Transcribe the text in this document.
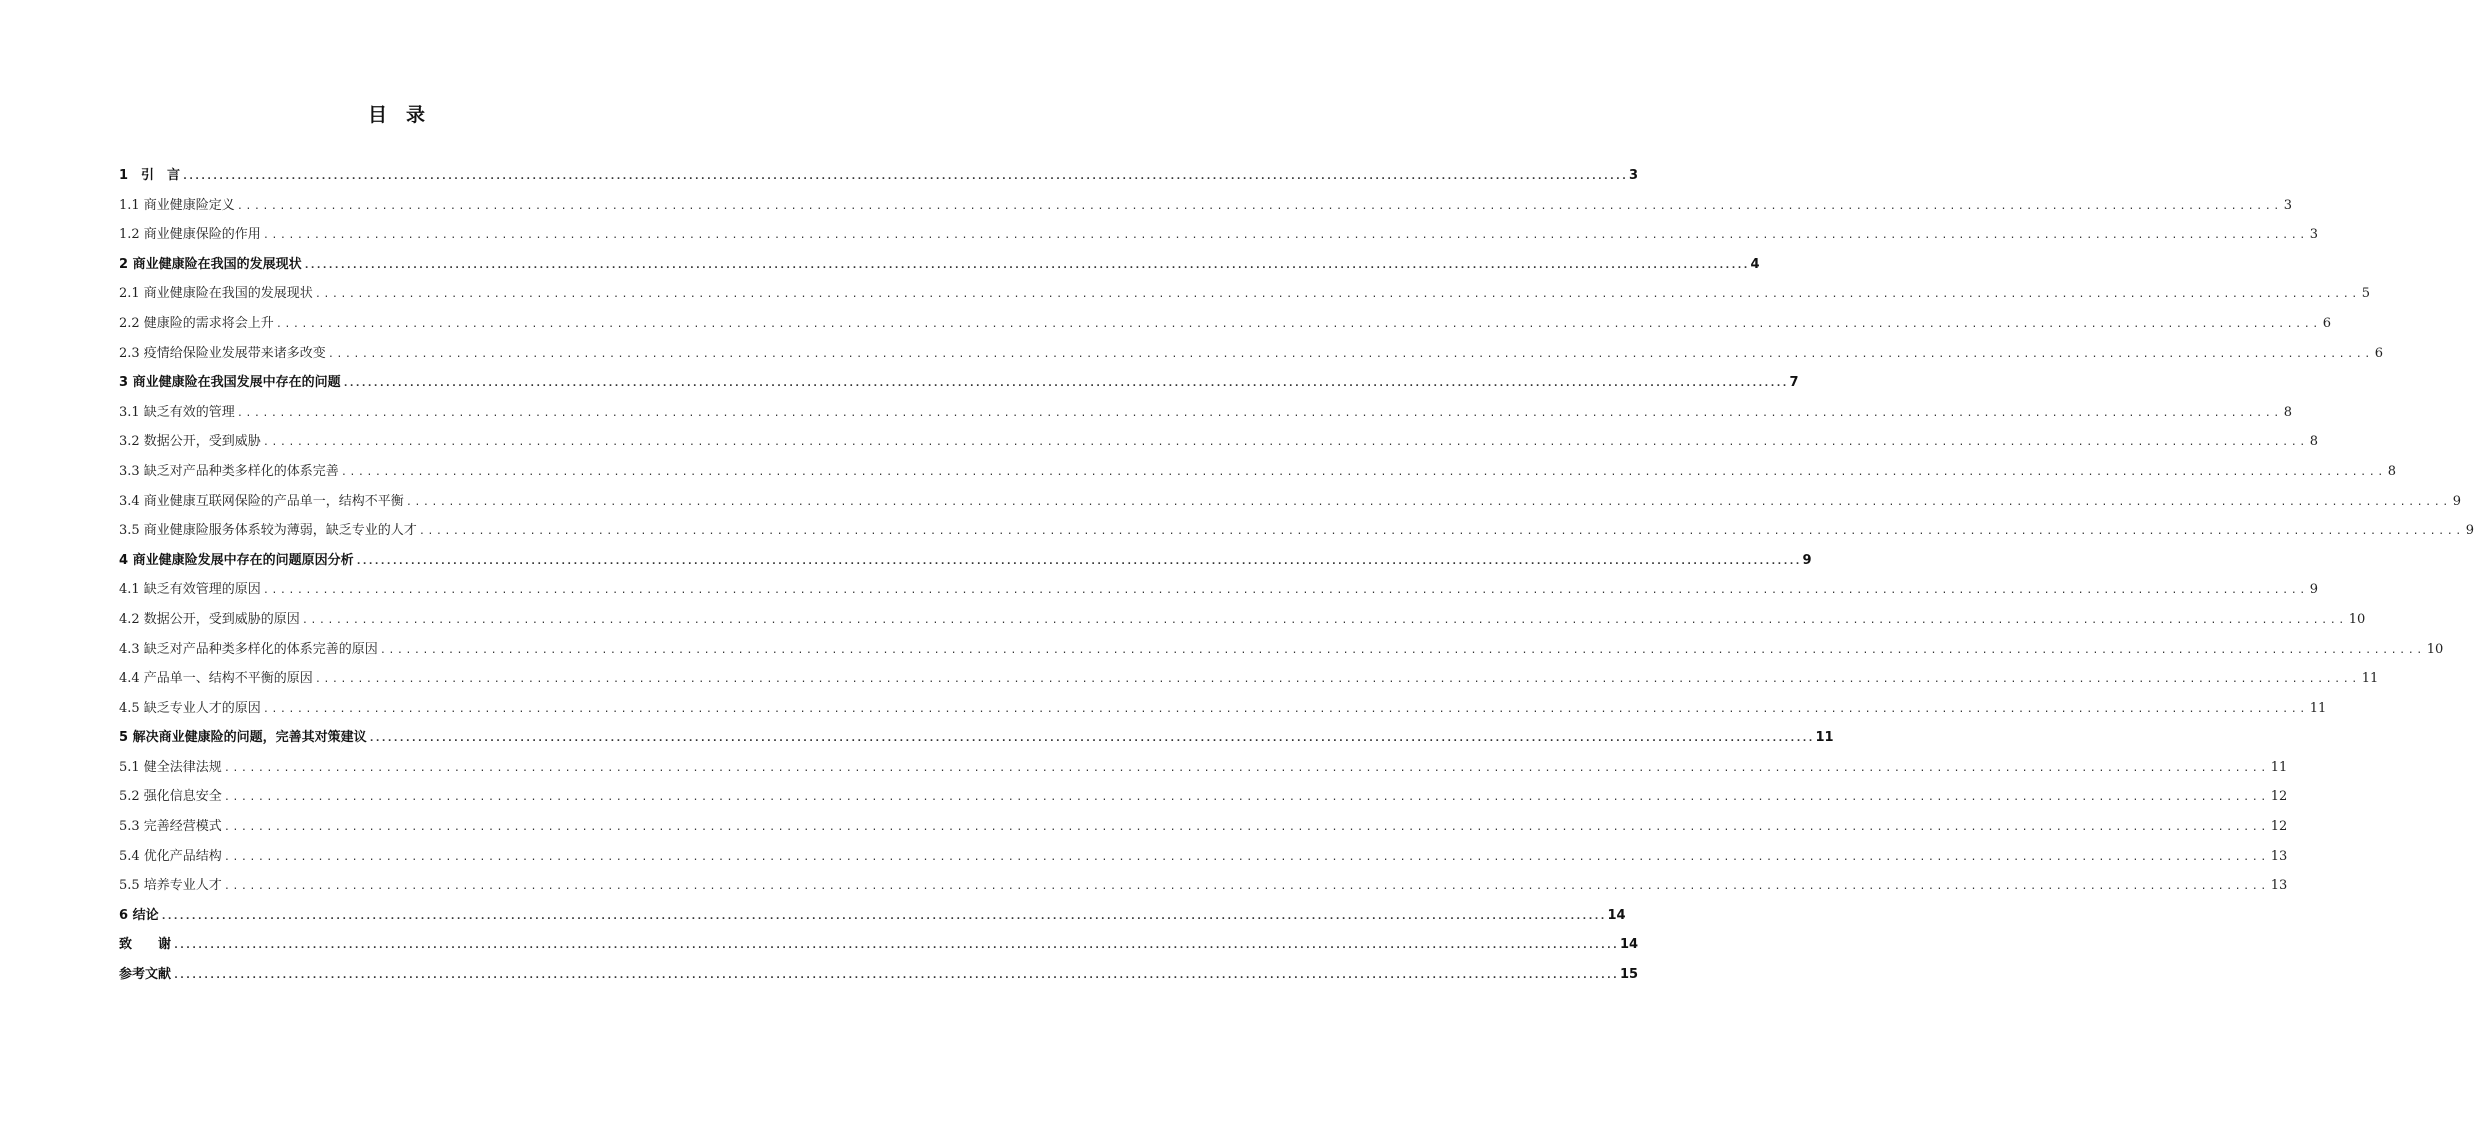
目　录
1　引　言 ................................................................................................................................................................................................................................................ 3
1.1 商业健康险定义 ................................................................................................................................................................................................................................................ 3
1.2 商业健康保险的作用 ................................................................................................................................................................................................................................................ 3
2 商业健康险在我国的发展现状 ................................................................................................................................................................................................................................................ 4
2.1 商业健康险在我国的发展现状 ................................................................................................................................................................................................................................................ 5
2.2 健康险的需求将会上升 ................................................................................................................................................................................................................................................ 6
2.3 疫情给保险业发展带来诸多改变 ................................................................................................................................................................................................................................................ 6
3 商业健康险在我国发展中存在的问题 ................................................................................................................................................................................................................................................ 7
3.1 缺乏有效的管理 ................................................................................................................................................................................................................................................ 8
3.2 数据公开，受到威胁 ................................................................................................................................................................................................................................................ 8
3.3 缺乏对产品种类多样化的体系完善 ................................................................................................................................................................................................................................................ 8
3.4 商业健康互联网保险的产品单一，结构不平衡 ................................................................................................................................................................................................................................................ 9
3.5 商业健康险服务体系较为薄弱，缺乏专业的人才 ................................................................................................................................................................................................................................................ 9
4 商业健康险发展中存在的问题原因分析 ................................................................................................................................................................................................................................................ 9
4.1 缺乏有效管理的原因 ................................................................................................................................................................................................................................................ 9
4.2 数据公开，受到威胁的原因 ................................................................................................................................................................................................................................................ 10
4.3 缺乏对产品种类多样化的体系完善的原因 ................................................................................................................................................................................................................................................ 10
4.4 产品单一、结构不平衡的原因 ................................................................................................................................................................................................................................................ 11
4.5 缺乏专业人才的原因 ................................................................................................................................................................................................................................................ 11
5 解决商业健康险的问题，完善其对策建议 ................................................................................................................................................................................................................................................ 11
5.1 健全法律法规 ................................................................................................................................................................................................................................................ 11
5.2 强化信息安全 ................................................................................................................................................................................................................................................ 12
5.3 完善经营模式 ................................................................................................................................................................................................................................................ 12
5.4 优化产品结构 ................................................................................................................................................................................................................................................ 13
5.5 培养专业人才 ................................................................................................................................................................................................................................................ 13
6 结论 ................................................................................................................................................................................................................................................ 14
致　　谢 ................................................................................................................................................................................................................................................ 14
参考文献 ................................................................................................................................................................................................................................................ 15
